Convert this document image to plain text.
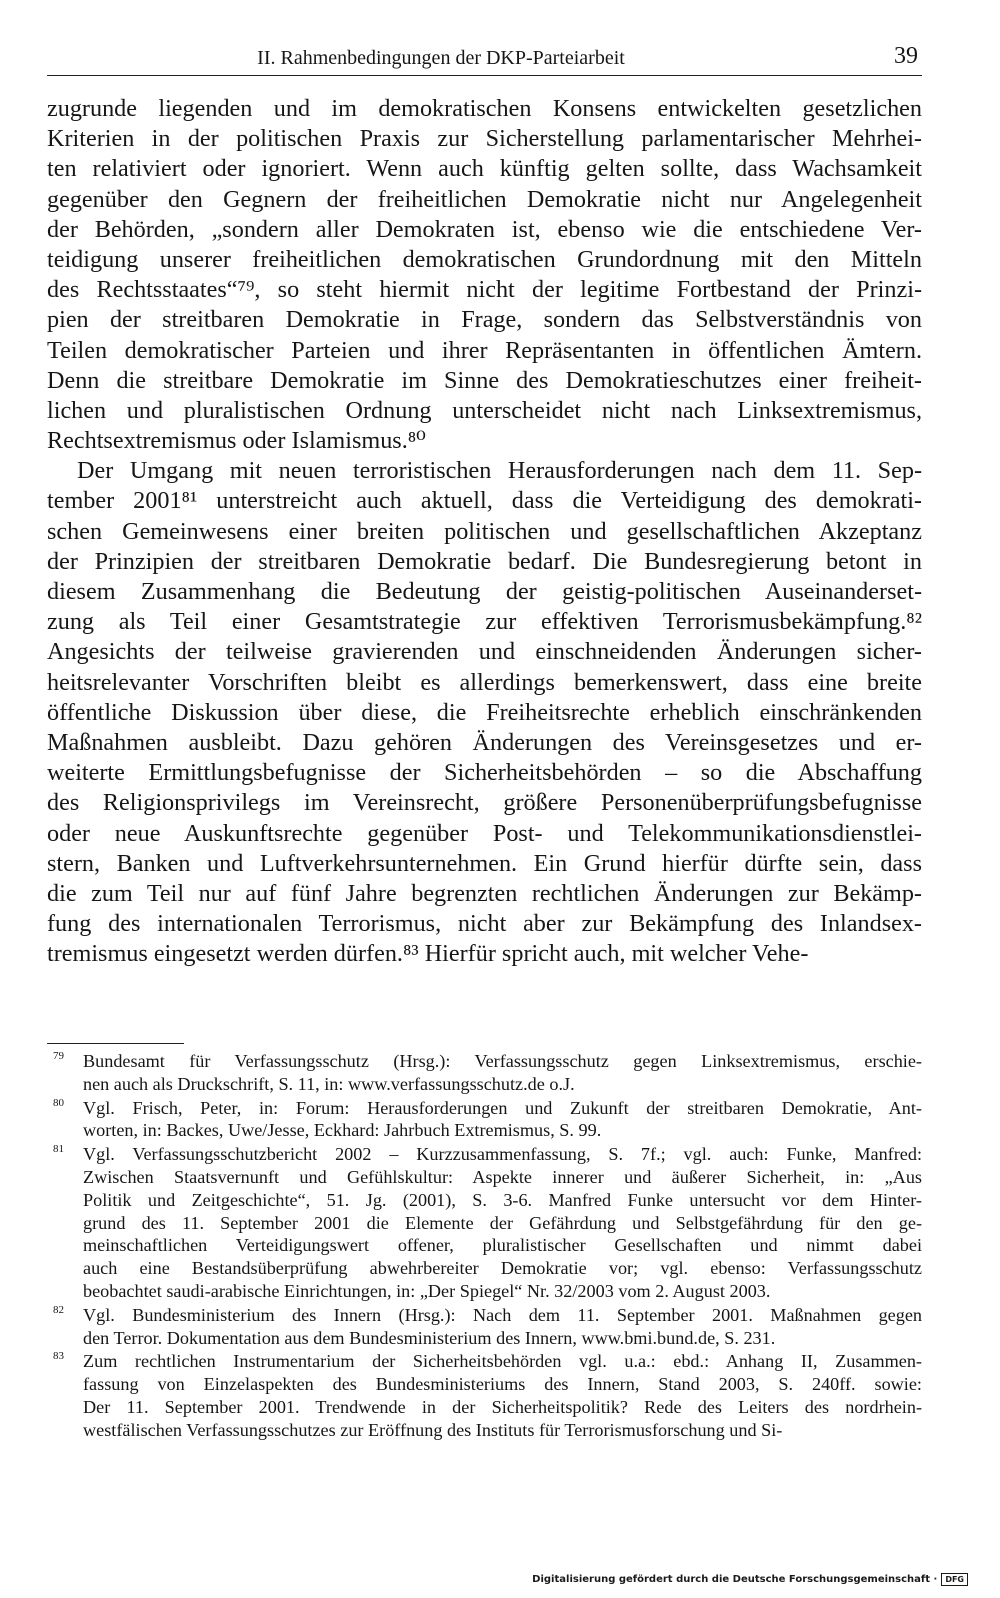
II. Rahmenbedingungen der DKP-Parteiarbeit	39
zugrunde liegenden und im demokratischen Konsens entwickelten gesetzlichen
Kriterien in der politischen Praxis zur Sicherstellung parlamentarischer Mehrhei-
ten relativiert oder ignoriert. Wenn auch künftig gelten sollte, dass Wachsamkeit
gegenüber den Gegnern der freiheitlichen Demokratie nicht nur Angelegenheit
der Behörden, „sondern aller Demokraten ist, ebenso wie die entschiedene Ver-
teidigung unserer freiheitlichen demokratischen Grundordnung mit den Mitteln
des Rechtsstaates“⁷⁹, so steht hiermit nicht der legitime Fortbestand der Prinzi-
pien der streitbaren Demokratie in Frage, sondern das Selbstverständnis von
Teilen demokratischer Parteien und ihrer Repräsentanten in öffentlichen Ämtern.
Denn die streitbare Demokratie im Sinne des Demokratieschutzes einer freiheit-
lichen und pluralistischen Ordnung unterscheidet nicht nach Linksextremismus,
Rechtsextremismus oder Islamismus.⁸⁰
Der Umgang mit neuen terroristischen Herausforderungen nach dem 11. Sep-
tember 2001⁸¹ unterstreicht auch aktuell, dass die Verteidigung des demokrati-
schen Gemeinwesens einer breiten politischen und gesellschaftlichen Akzeptanz
der Prinzipien der streitbaren Demokratie bedarf. Die Bundesregierung betont in
diesem Zusammenhang die Bedeutung der geistig-politischen Auseinanderset-
zung als Teil einer Gesamtstrategie zur effektiven Terrorismusbekämpfung.⁸²
Angesichts der teilweise gravierenden und einschneidenden Änderungen sicher-
heitsrelevanter Vorschriften bleibt es allerdings bemerkenswert, dass eine breite
öffentliche Diskussion über diese, die Freiheitsrechte erheblich einschränkenden
Maßnahmen ausbleibt. Dazu gehören Änderungen des Vereinsgesetzes und er-
weiterte Ermittlungsbefugnisse der Sicherheitsbehörden – so die Abschaffung
des Religionsprivilegs im Vereinsrecht, größere Personenüberprüfungsbefugnisse
oder neue Auskunftsrechte gegenüber Post- und Telekommunikationsdienstlei-
stern, Banken und Luftverkehrsunternehmen. Ein Grund hierfür dürfte sein, dass
die zum Teil nur auf fünf Jahre begrenzten rechtlichen Änderungen zur Bekämp-
fung des internationalen Terrorismus, nicht aber zur Bekämpfung des Inlandsex-
tremismus eingesetzt werden dürfen.⁸³ Hierfür spricht auch, mit welcher Vehe-
79 Bundesamt für Verfassungsschutz (Hrsg.): Verfassungsschutz gegen Linksextremismus, erschie-
nen auch als Druckschrift, S. 11, in: www.verfassungsschutz.de o.J.
80 Vgl. Frisch, Peter, in: Forum: Herausforderungen und Zukunft der streitbaren Demokratie, Ant-
worten, in: Backes, Uwe/Jesse, Eckhard: Jahrbuch Extremismus, S. 99.
81 Vgl. Verfassungsschutzbericht 2002 – Kurzzusammenfassung, S. 7f.; vgl. auch: Funke, Manfred:
Zwischen Staatsvernunft und Gefühlskultur: Aspekte innerer und äußerer Sicherheit, in: „Aus
Politik und Zeitgeschichte“, 51. Jg. (2001), S. 3-6. Manfred Funke untersucht vor dem Hinter-
grund des 11. September 2001 die Elemente der Gefährdung und Selbstgefährdung für den ge-
meinschaftlichen Verteidigungswert offener, pluralistischer Gesellschaften und nimmt dabei
auch eine Bestandsüberprüfung abwehrbereiter Demokratie vor; vgl. ebenso: Verfassungsschutz
beobachtet saudi-arabische Einrichtungen, in: „Der Spiegel“ Nr. 32/2003 vom 2. August 2003.
82 Vgl. Bundesministerium des Innern (Hrsg.): Nach dem 11. September 2001. Maßnahmen gegen
den Terror. Dokumentation aus dem Bundesministerium des Innern, www.bmi.bund.de, S. 231.
83 Zum rechtlichen Instrumentarium der Sicherheitsbehörden vgl. u.a.: ebd.: Anhang II, Zusammen-
fassung von Einzelaspekten des Bundesministeriums des Innern, Stand 2003, S. 240ff. sowie:
Der 11. September 2001. Trendwende in der Sicherheitspolitik? Rede des Leiters des nordrhein-
westfälischen Verfassungsschutzes zur Eröffnung des Instituts für Terrorismusforschung und Si-
Digitalisierung gefördert durch die Deutsche Forschungsgemeinschaft ·	DFG
